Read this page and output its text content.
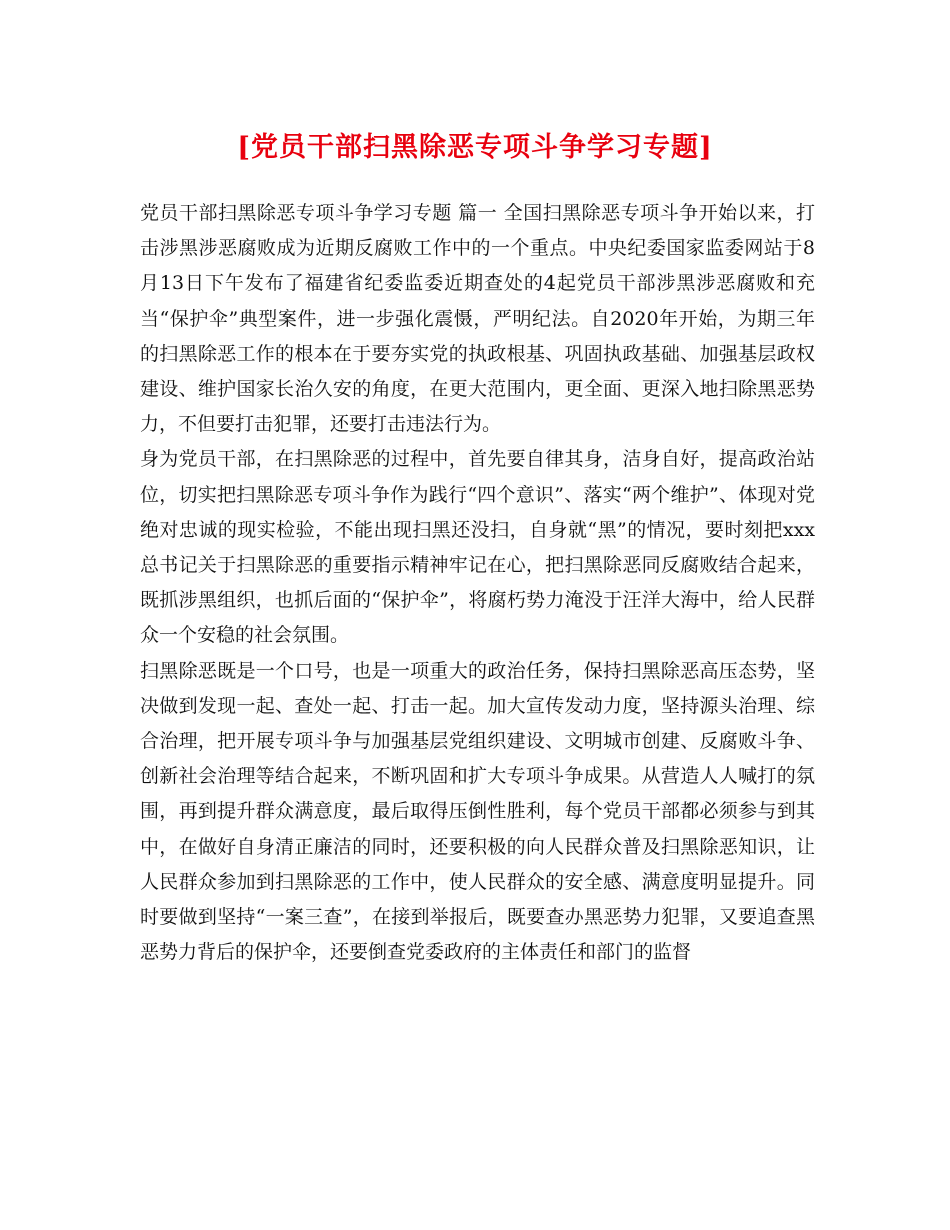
[党员干部扫黑除恶专项斗争学习专题]

党员干部扫黑除恶专项斗争学习专题 篇一 全国扫黑除恶专项斗争开始以来，打击涉黑涉恶腐败成为近期反腐败工作中的一个重点。中央纪委国家监委网站于8月13日下午发布了福建省纪委监委近期查处的4起党员干部涉黑涉恶腐败和充当“保护伞”典型案件，进一步强化震慑，严明纪法。自2020年开始，为期三年的扫黑除恶工作的根本在于要夯实党的执政根基、巩固执政基础、加强基层政权建设、维护国家长治久安的角度，在更大范围内，更全面、更深入地扫除黑恶势力，不但要打击犯罪，还要打击违法行为。

身为党员干部，在扫黑除恶的过程中，首先要自律其身，洁身自好，提高政治站位，切实把扫黑除恶专项斗争作为践行“四个意识”、落实“两个维护”、体现对党绝对忠诚的现实检验，不能出现扫黑还没扫，自身就“黑”的情况，要时刻把xxx总书记关于扫黑除恶的重要指示精神牢记在心，把扫黑除恶同反腐败结合起来，既抓涉黑组织，也抓后面的“保护伞”，将腐朽势力淹没于汪洋大海中，给人民群众一个安稳的社会氛围。

扫黑除恶既是一个口号，也是一项重大的政治任务，保持扫黑除恶高压态势，坚决做到发现一起、查处一起、打击一起。加大宣传发动力度，坚持源头治理、综合治理，把开展专项斗争与加强基层党组织建设、文明城市创建、反腐败斗争、创新社会治理等结合起来，不断巩固和扩大专项斗争成果。从营造人人喊打的氛围，再到提升群众满意度，最后取得压倒性胜利，每个党员干部都必须参与到其中，在做好自身清正廉洁的同时，还要积极的向人民群众普及扫黑除恶知识，让人民群众参加到扫黑除恶的工作中，使人民群众的安全感、满意度明显提升。同时要做到坚持“一案三查”，在接到举报后，既要查办黑恶势力犯罪，又要追查黑恶势力背后的保护伞，还要倒查党委政府的主体责任和部门的监督
